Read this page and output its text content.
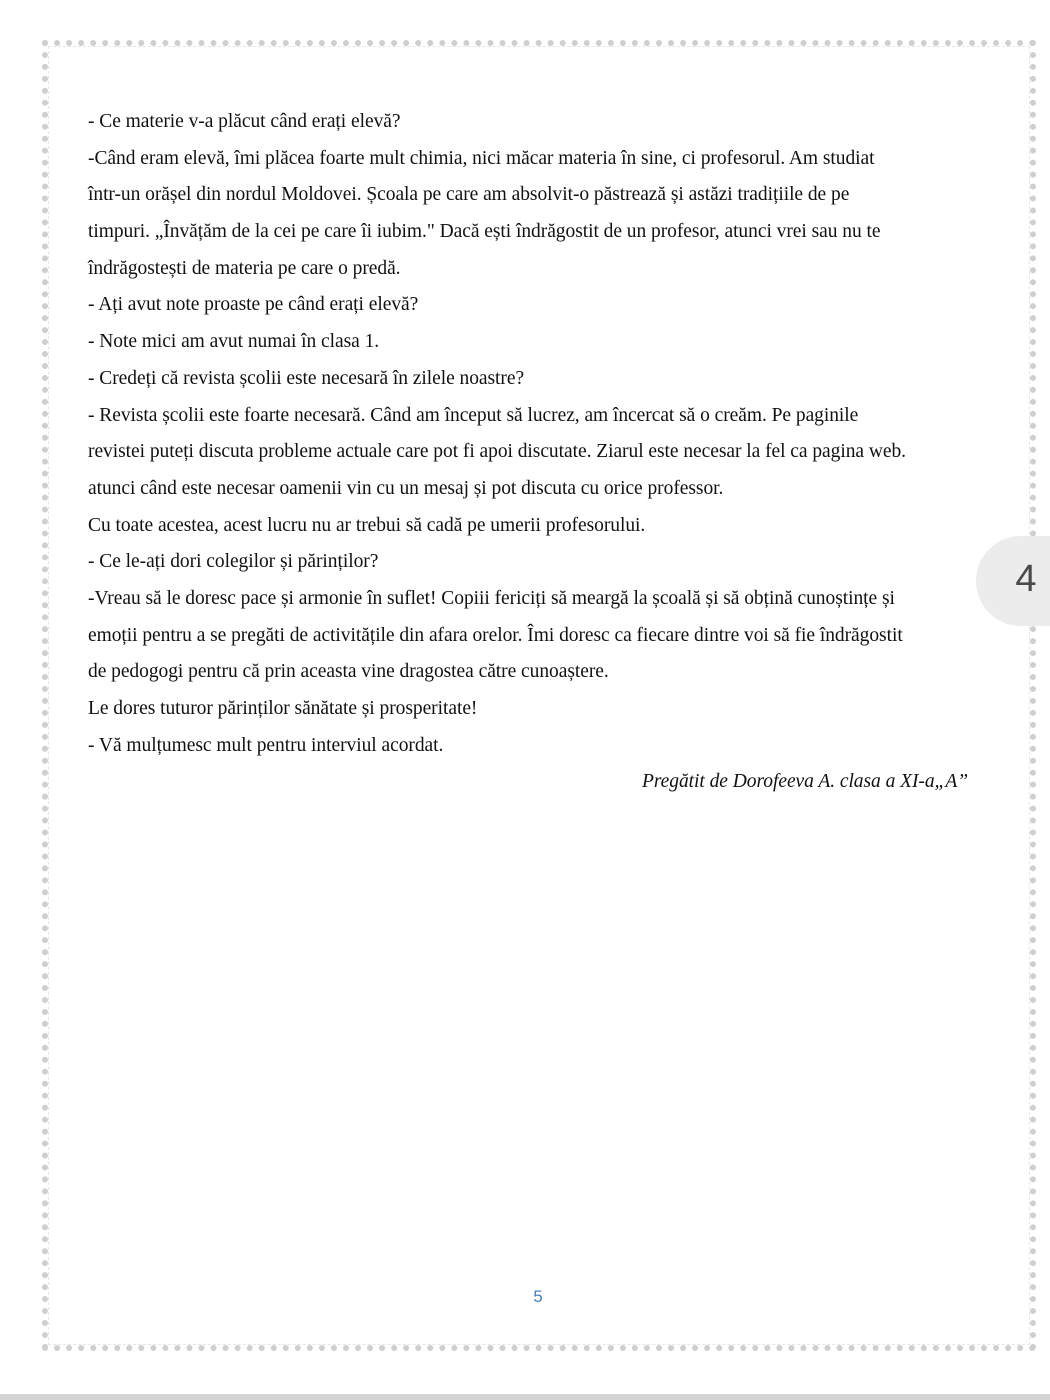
- Ce materie v-a plăcut când erați elevă?
-Când eram elevă, îmi plăcea foarte mult chimia, nici măcar materia în sine, ci profesorul. Am studiat
într-un orășel din nordul Moldovei. Școala pe care am absolvit-o păstrează și astăzi tradițiile de pe
timpuri. „Învățăm de la cei pe care îi iubim." Dacă ești îndrăgostit de un profesor, atunci vrei sau nu te
îndrăgostești de materia pe care o predă.
- Ați avut note proaste pe când erați elevă?
- Note mici am avut numai în clasa 1.
- Credeți că revista școlii este necesară în zilele noastre?
- Revista școlii este foarte necesară. Când am început să lucrez, am încercat să o creăm. Pe paginile
revistei puteți discuta probleme actuale care pot fi apoi discutate. Ziarul este necesar la fel ca pagina web.
atunci când este necesar oamenii vin cu un mesaj și pot discuta cu orice professor.
Cu toate acestea, acest lucru nu ar trebui să cadă pe umerii profesorului.
- Ce le-ați dori colegilor și părinților?
-Vreau să le doresc pace și armonie în suflet! Copiii fericiți să meargă la școală și să obțină cunoștințe și
emoții pentru a se pregăti de activitățile din afara orelor. Îmi doresc ca fiecare dintre voi să fie îndrăgostit
de pedogogi pentru că prin aceasta vine dragostea către cunoaștere.
Le dores tuturor părinților sănătate și prosperitate!
- Vă mulțumesc mult pentru interviul acordat.
Pregătit de Dorofeeva A. clasa a XI-a„A”
5
4
